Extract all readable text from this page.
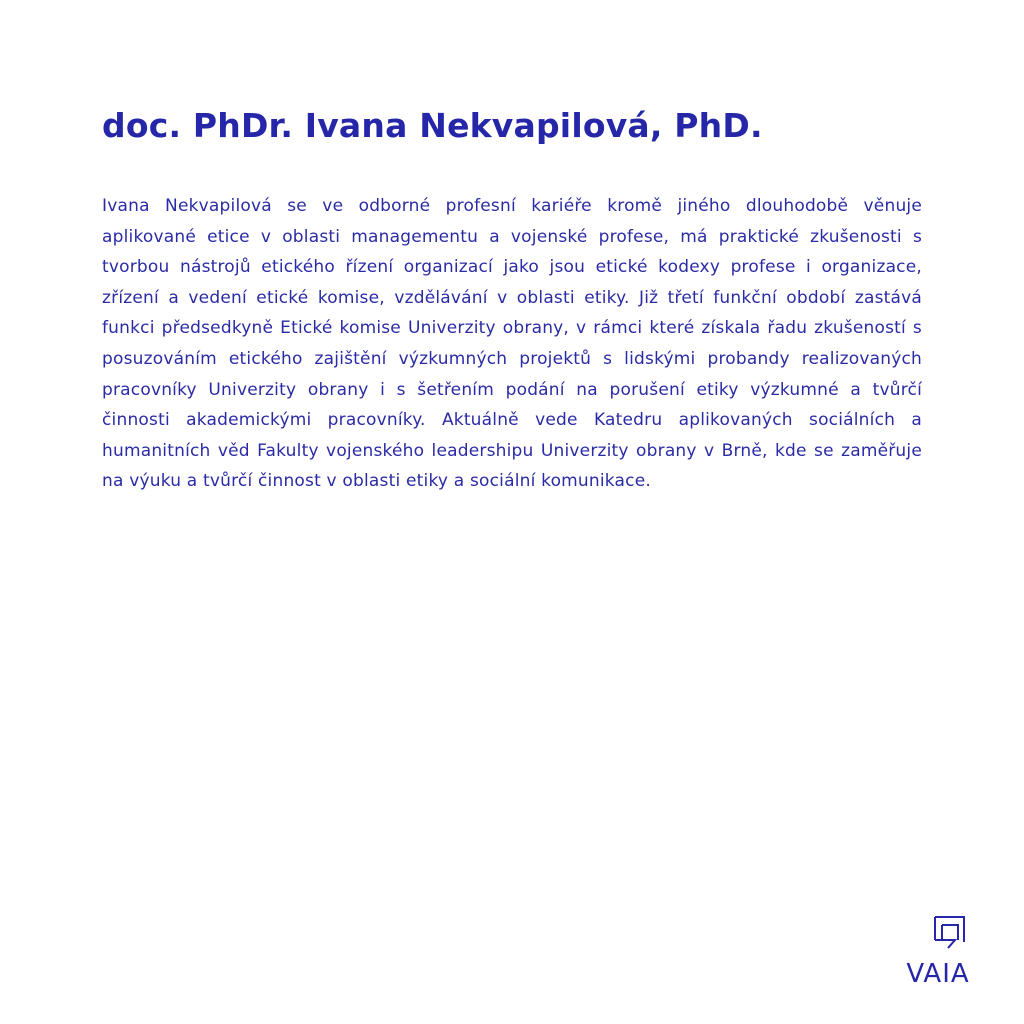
doc. PhDr. Ivana Nekvapilová, PhD.

Ivana Nekvapilová se ve odborné profesní kariéře kromě jiného dlouhodobě věnuje aplikované etice v oblasti managementu a vojenské profese, má praktické zkušenosti s tvorbou nástrojů etického řízení organizací jako jsou etické kodexy profese i organizace, zřízení a vedení etické komise, vzdělávání v oblasti etiky. Již třetí funkční období zastává funkci předsedkyně Etické komise Univerzity obrany, v rámci které získala řadu zkušeností s posuzováním etického zajištění výzkumných projektů s lidskými probandy realizovaných pracovníky Univerzity obrany i s šetřením podání na porušení etiky výzkumné a tvůrčí činnosti akademickými pracovníky. Aktuálně vede Katedru aplikovaných sociálních a humanitních věd Fakulty vojenského leadershipu Univerzity obrany v Brně, kde se zaměřuje na výuku a tvůrčí činnost v oblasti etiky a sociální komunikace.

VAIA
